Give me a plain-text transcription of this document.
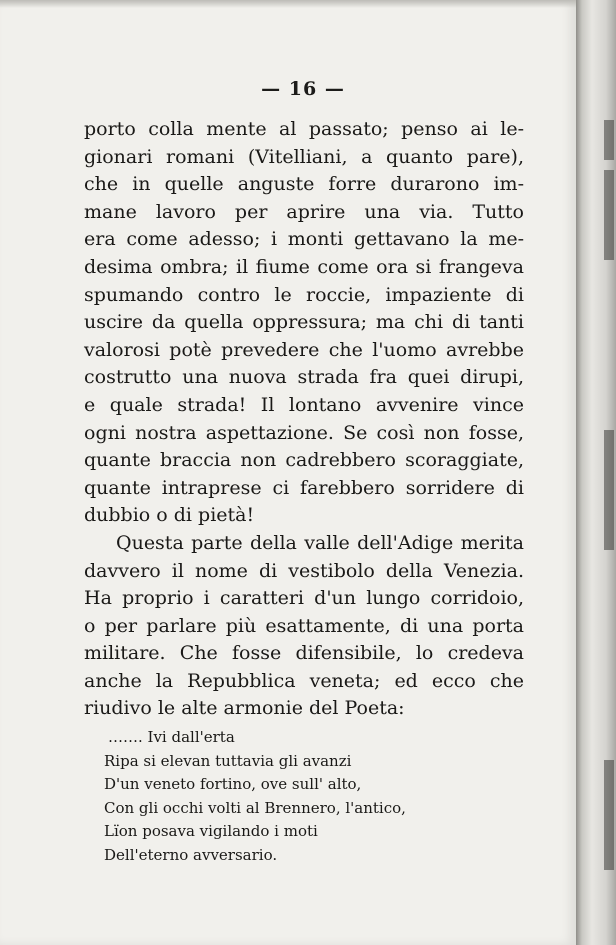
— 16 —
porto colla mente al passato; penso ai le-
gionari romani (Vitelliani, a quanto pare),
che in quelle anguste forre durarono im-
mane lavoro per aprire una via. Tutto
era come adesso; i monti gettavano la me-
desima ombra; il fiume come ora si frangeva
spumando contro le roccie, impaziente di
uscire da quella oppressura; ma chi di tanti
valorosi potè prevedere che l'uomo avrebbe
costrutto una nuova strada fra quei dirupi,
e quale strada! Il lontano avvenire vince
ogni nostra aspettazione. Se così non fosse,
quante braccia non cadrebbero scoraggiate,
quante intraprese ci farebbero sorridere di
dubbio o di pietà!
Questa parte della valle dell'Adige merita
davvero il nome di vestibolo della Venezia.
Ha proprio i caratteri d'un lungo corridoio,
o per parlare più esattamente, di una porta
militare. Che fosse difensibile, lo credeva
anche la Repubblica veneta; ed ecco che
riudivo le alte armonie del Poeta:
……. Ivi dall'erta
Ripa si elevan tuttavia gli avanzi
D'un veneto fortino, ove sull' alto,
Con gli occhi volti al Brennero, l'antico,
Lïon posava vigilando i moti
Dell'eterno avversario.
